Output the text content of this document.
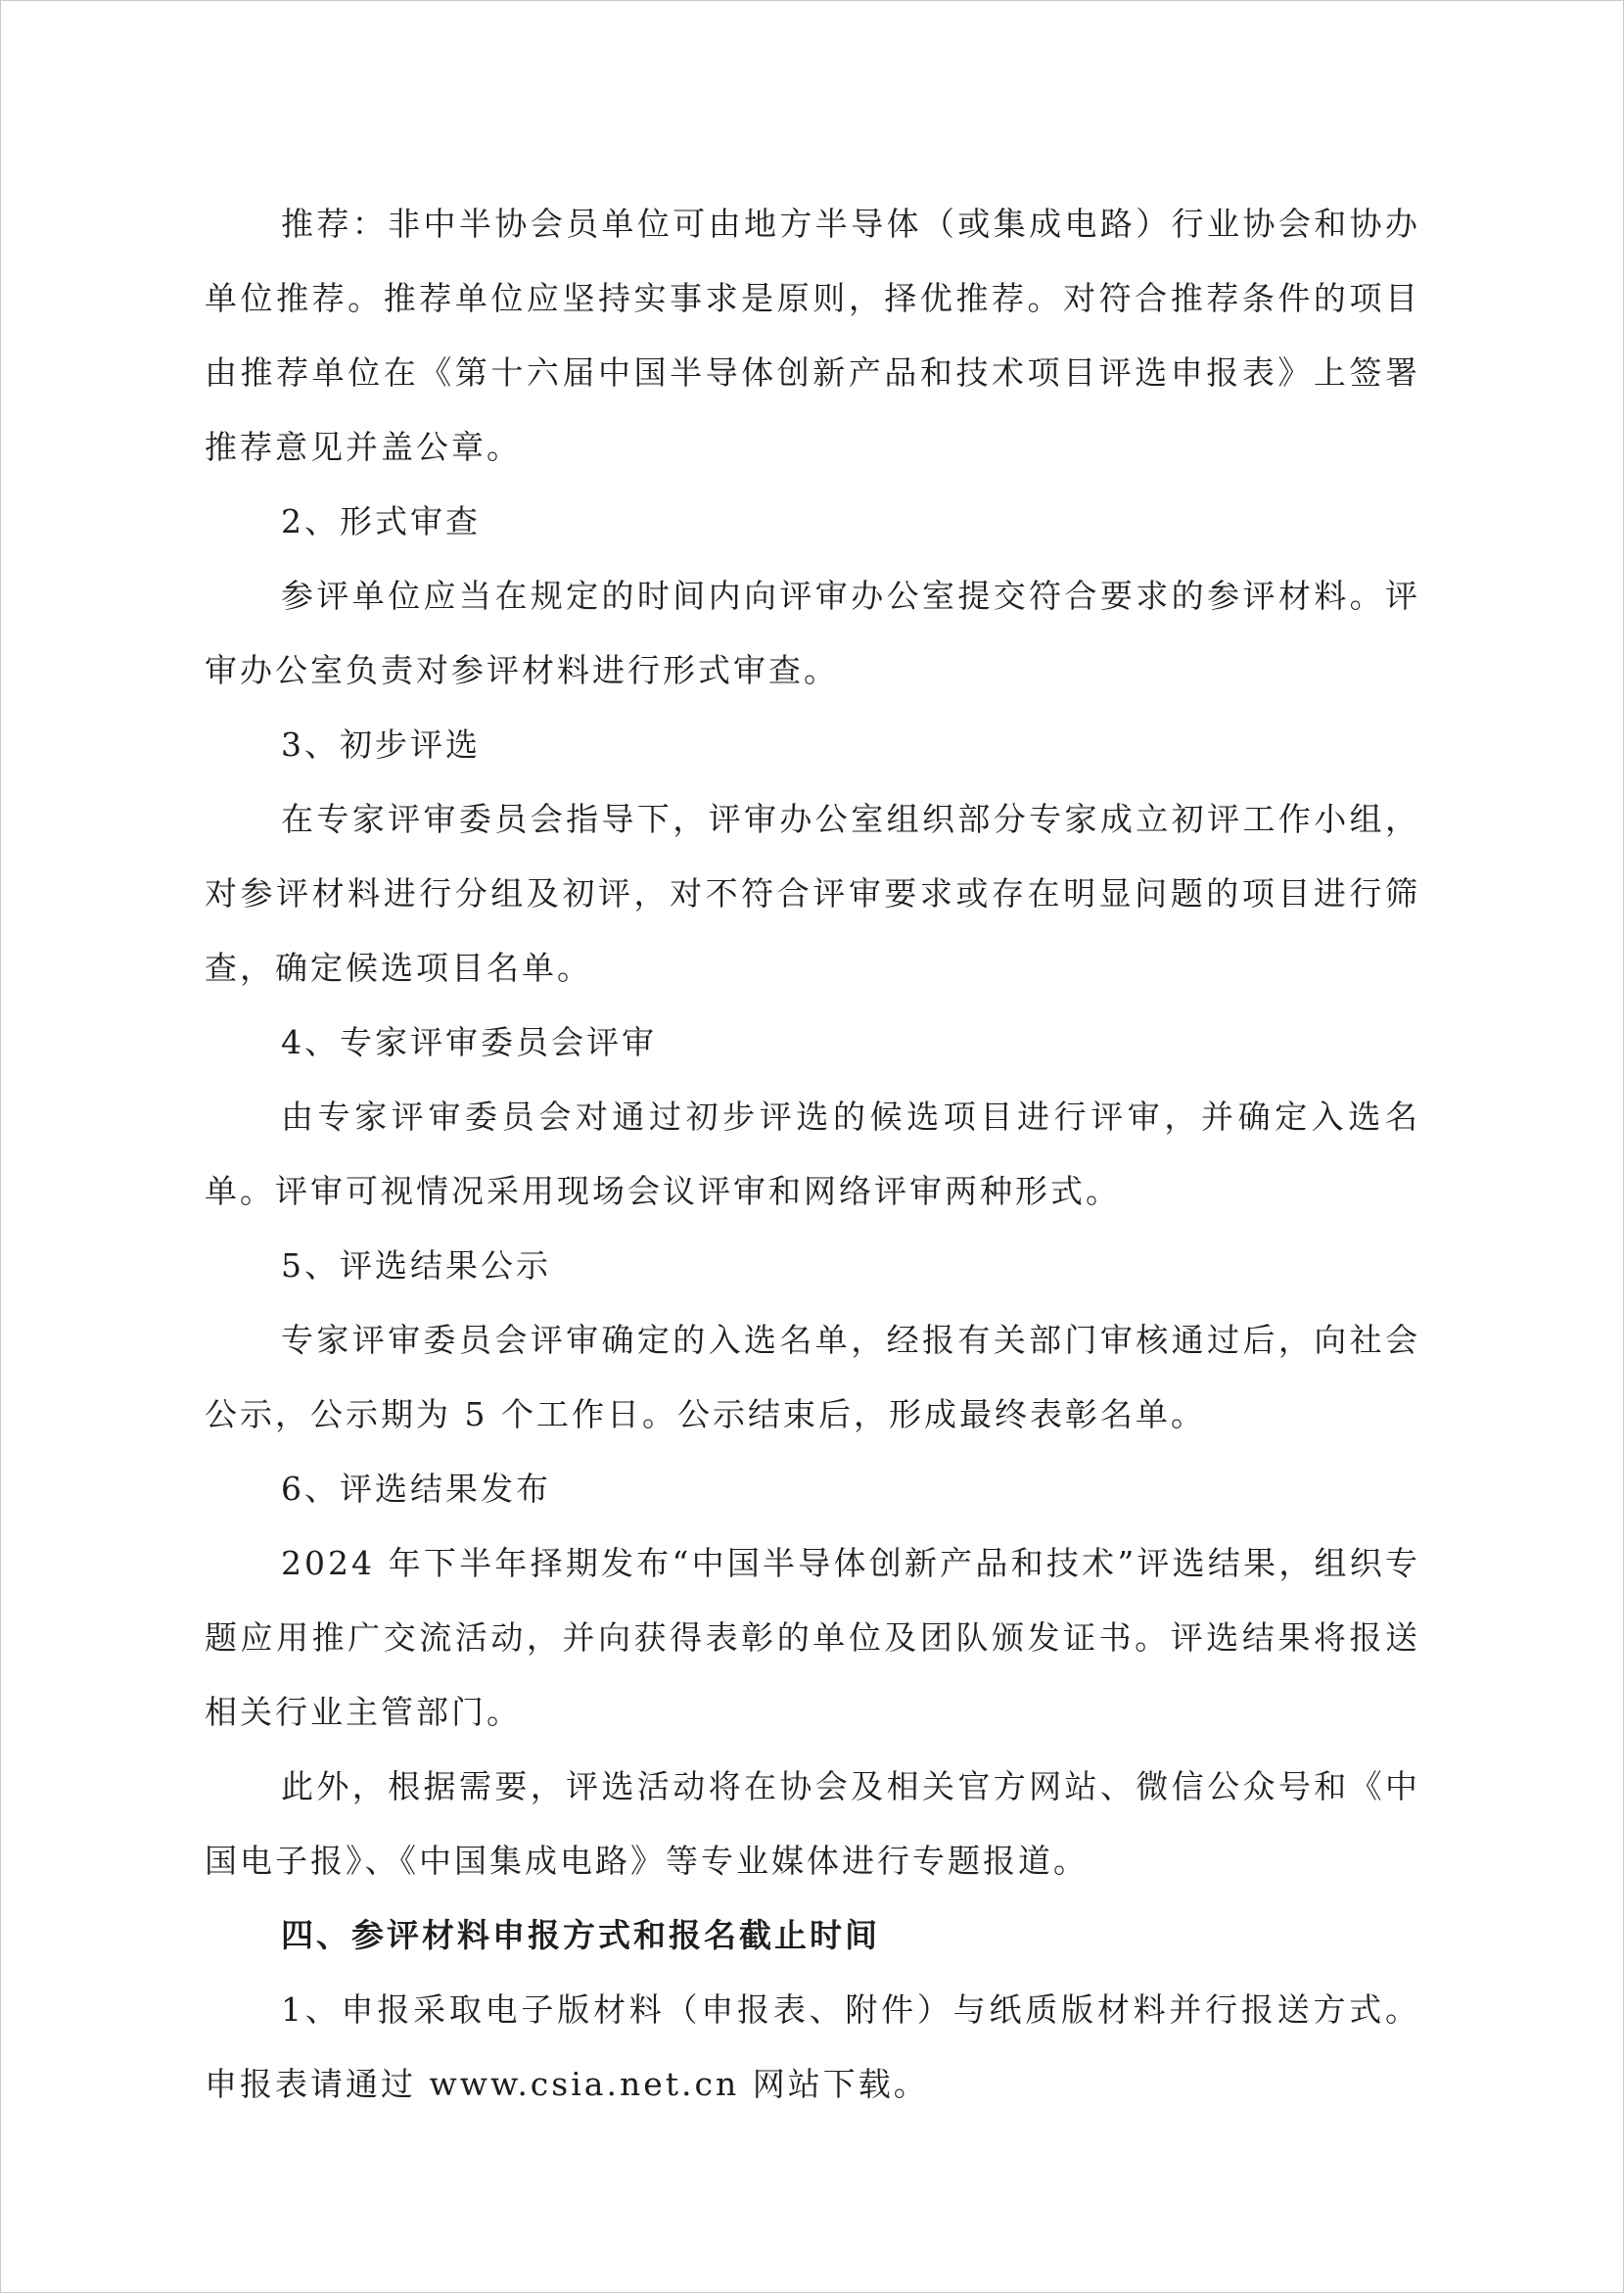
推荐：非中半协会员单位可由地方半导体（或集成电路）行业协会和协办单位推荐。推荐单位应坚持实事求是原则，择优推荐。对符合推荐条件的项目由推荐单位在《第十六届中国半导体创新产品和技术项目评选申报表》上签署推荐意见并盖公章。

2、形式审查

参评单位应当在规定的时间内向评审办公室提交符合要求的参评材料。评审办公室负责对参评材料进行形式审查。

3、初步评选

在专家评审委员会指导下，评审办公室组织部分专家成立初评工作小组，对参评材料进行分组及初评，对不符合评审要求或存在明显问题的项目进行筛查，确定候选项目名单。

4、专家评审委员会评审

由专家评审委员会对通过初步评选的候选项目进行评审，并确定入选名单。评审可视情况采用现场会议评审和网络评审两种形式。

5、评选结果公示

专家评审委员会评审确定的入选名单，经报有关部门审核通过后，向社会公示，公示期为 5 个工作日。公示结束后，形成最终表彰名单。

6、评选结果发布

2024 年下半年择期发布“中国半导体创新产品和技术”评选结果，组织专题应用推广交流活动，并向获得表彰的单位及团队颁发证书。评选结果将报送相关行业主管部门。

此外，根据需要，评选活动将在协会及相关官方网站、微信公众号和《中国电子报》、《中国集成电路》等专业媒体进行专题报道。

四、参评材料申报方式和报名截止时间

1、申报采取电子版材料（申报表、附件）与纸质版材料并行报送方式。申报表请通过 www.csia.net.cn 网站下载。
